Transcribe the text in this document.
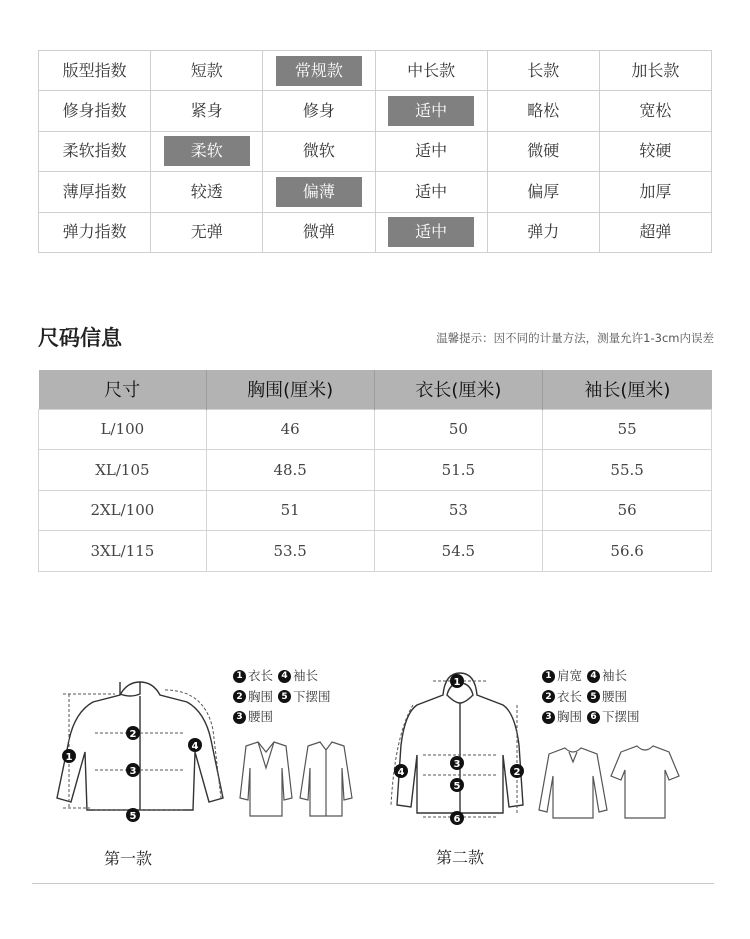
版型指数	短款	常规款	中长款	长款	加长款
修身指数	紧身	修身	适中	略松	宽松
柔软指数	柔软	微软	适中	微硬	较硬
薄厚指数	较透	偏薄	适中	偏厚	加厚
弹力指数	无弹	微弹	适中	弹力	超弹
尺码信息	温馨提示：因不同的计量方法，测量允许1-3cm内误差
尺寸	胸围(厘米)	衣长(厘米)	袖长(厘米)
L/100	46	50	55
XL/105	48.5	51.5	55.5
2XL/100	51	53	56
3XL/115	53.5	54.5	56.6
1
2
3
4
5
1 衣长 4 袖长

2 胸围 5 下摆围

3 腰围
第一款
1
2
3
4
5
6
1 肩宽 4 袖长

2 衣长 5 腰围

3 胸围 6 下摆围

第二款
